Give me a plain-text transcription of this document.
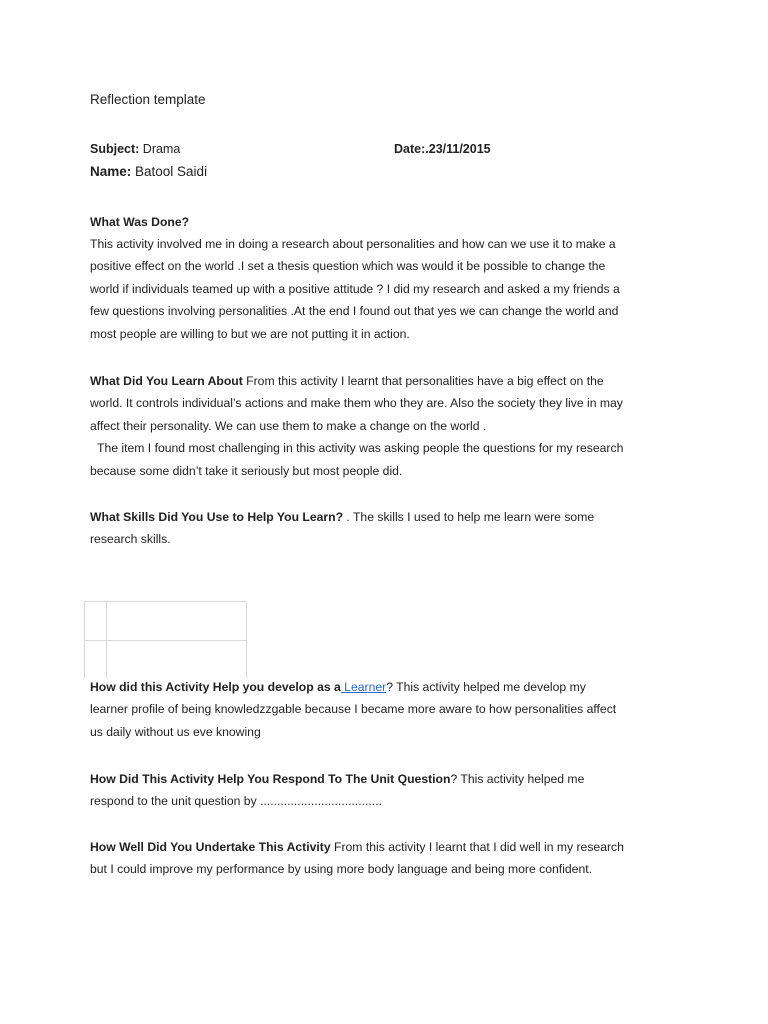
Reflection template
Subject: Drama	Date:.23/11/2015
Name: Batool Saidi

What Was Done?

This activity involved me in doing a research about personalities and how can we use it to make a positive effect on the world .I set a thesis question which was would it be possible to change the world if individuals teamed up with a positive attitude ? I did my research and asked a my friends a few questions involving personalities .At the end I found out that yes we can change the world and most people are willing to but we are not putting it in action.

What Did You Learn About From this activity I learnt that personalities have a big effect on the world. It controls individual’s actions and make them who they are. Also the society they live in may affect their personality. We can use them to make a change on the world .
The item I found most challenging in this activity was asking people the questions for my research because some didn’t take it seriously but most people did.

What Skills Did You Use to Help You Learn? . The skills I used to help me learn were some research skills.

How did this Activity Help you develop as a Learner? This activity helped me develop my learner profile of being knowledzzgable because I became more aware to how personalities affect us daily without us eve knowing

How Did This Activity Help You Respond To The Unit Question? This activity helped me respond to the unit question by ....................................

How Well Did You Undertake This Activity From this activity I learnt that I did well in my research but I could improve my performance by using more body language and being more confident.
